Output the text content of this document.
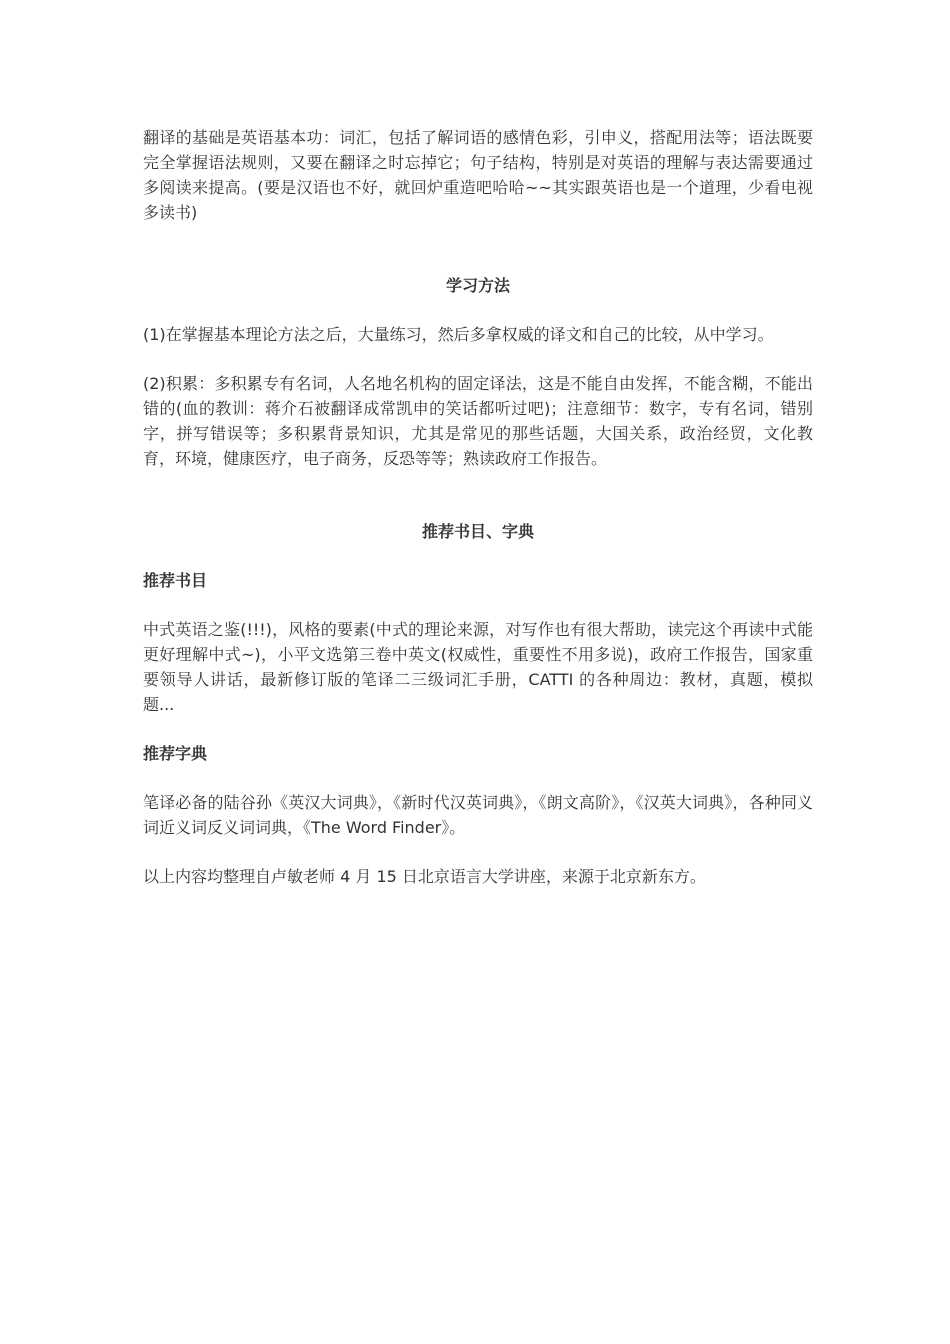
翻译的基础是英语基本功：词汇，包括了解词语的感情色彩，引申义，搭配用法等；语法既要完全掌握语法规则，又要在翻译之时忘掉它；句子结构，特别是对英语的理解与表达需要通过多阅读来提高。(要是汉语也不好，就回炉重造吧哈哈~~其实跟英语也是一个道理，少看电视多读书)

学习方法

(1)在掌握基本理论方法之后，大量练习，然后多拿权威的译文和自己的比较，从中学习。

(2)积累：多积累专有名词，人名地名机构的固定译法，这是不能自由发挥，不能含糊，不能出错的(血的教训：蒋介石被翻译成常凯申的笑话都听过吧)；注意细节：数字，专有名词，错别字，拼写错误等；多积累背景知识，尤其是常见的那些话题，大国关系，政治经贸，文化教育，环境，健康医疗，电子商务，反恐等等；熟读政府工作报告。

推荐书目、字典

推荐书目

中式英语之鉴(!!!)，风格的要素(中式的理论来源，对写作也有很大帮助，读完这个再读中式能更好理解中式~)，小平文选第三卷中英文(权威性，重要性不用多说)，政府工作报告，国家重要领导人讲话，最新修订版的笔译二三级词汇手册，CATTI 的各种周边：教材，真题，模拟题...

推荐字典

笔译必备的陆谷孙《英汉大词典》，《新时代汉英词典》，《朗文高阶》，《汉英大词典》，各种同义词近义词反义词词典，《The Word Finder》。

以上内容均整理自卢敏老师 4 月 15 日北京语言大学讲座，来源于北京新东方。
